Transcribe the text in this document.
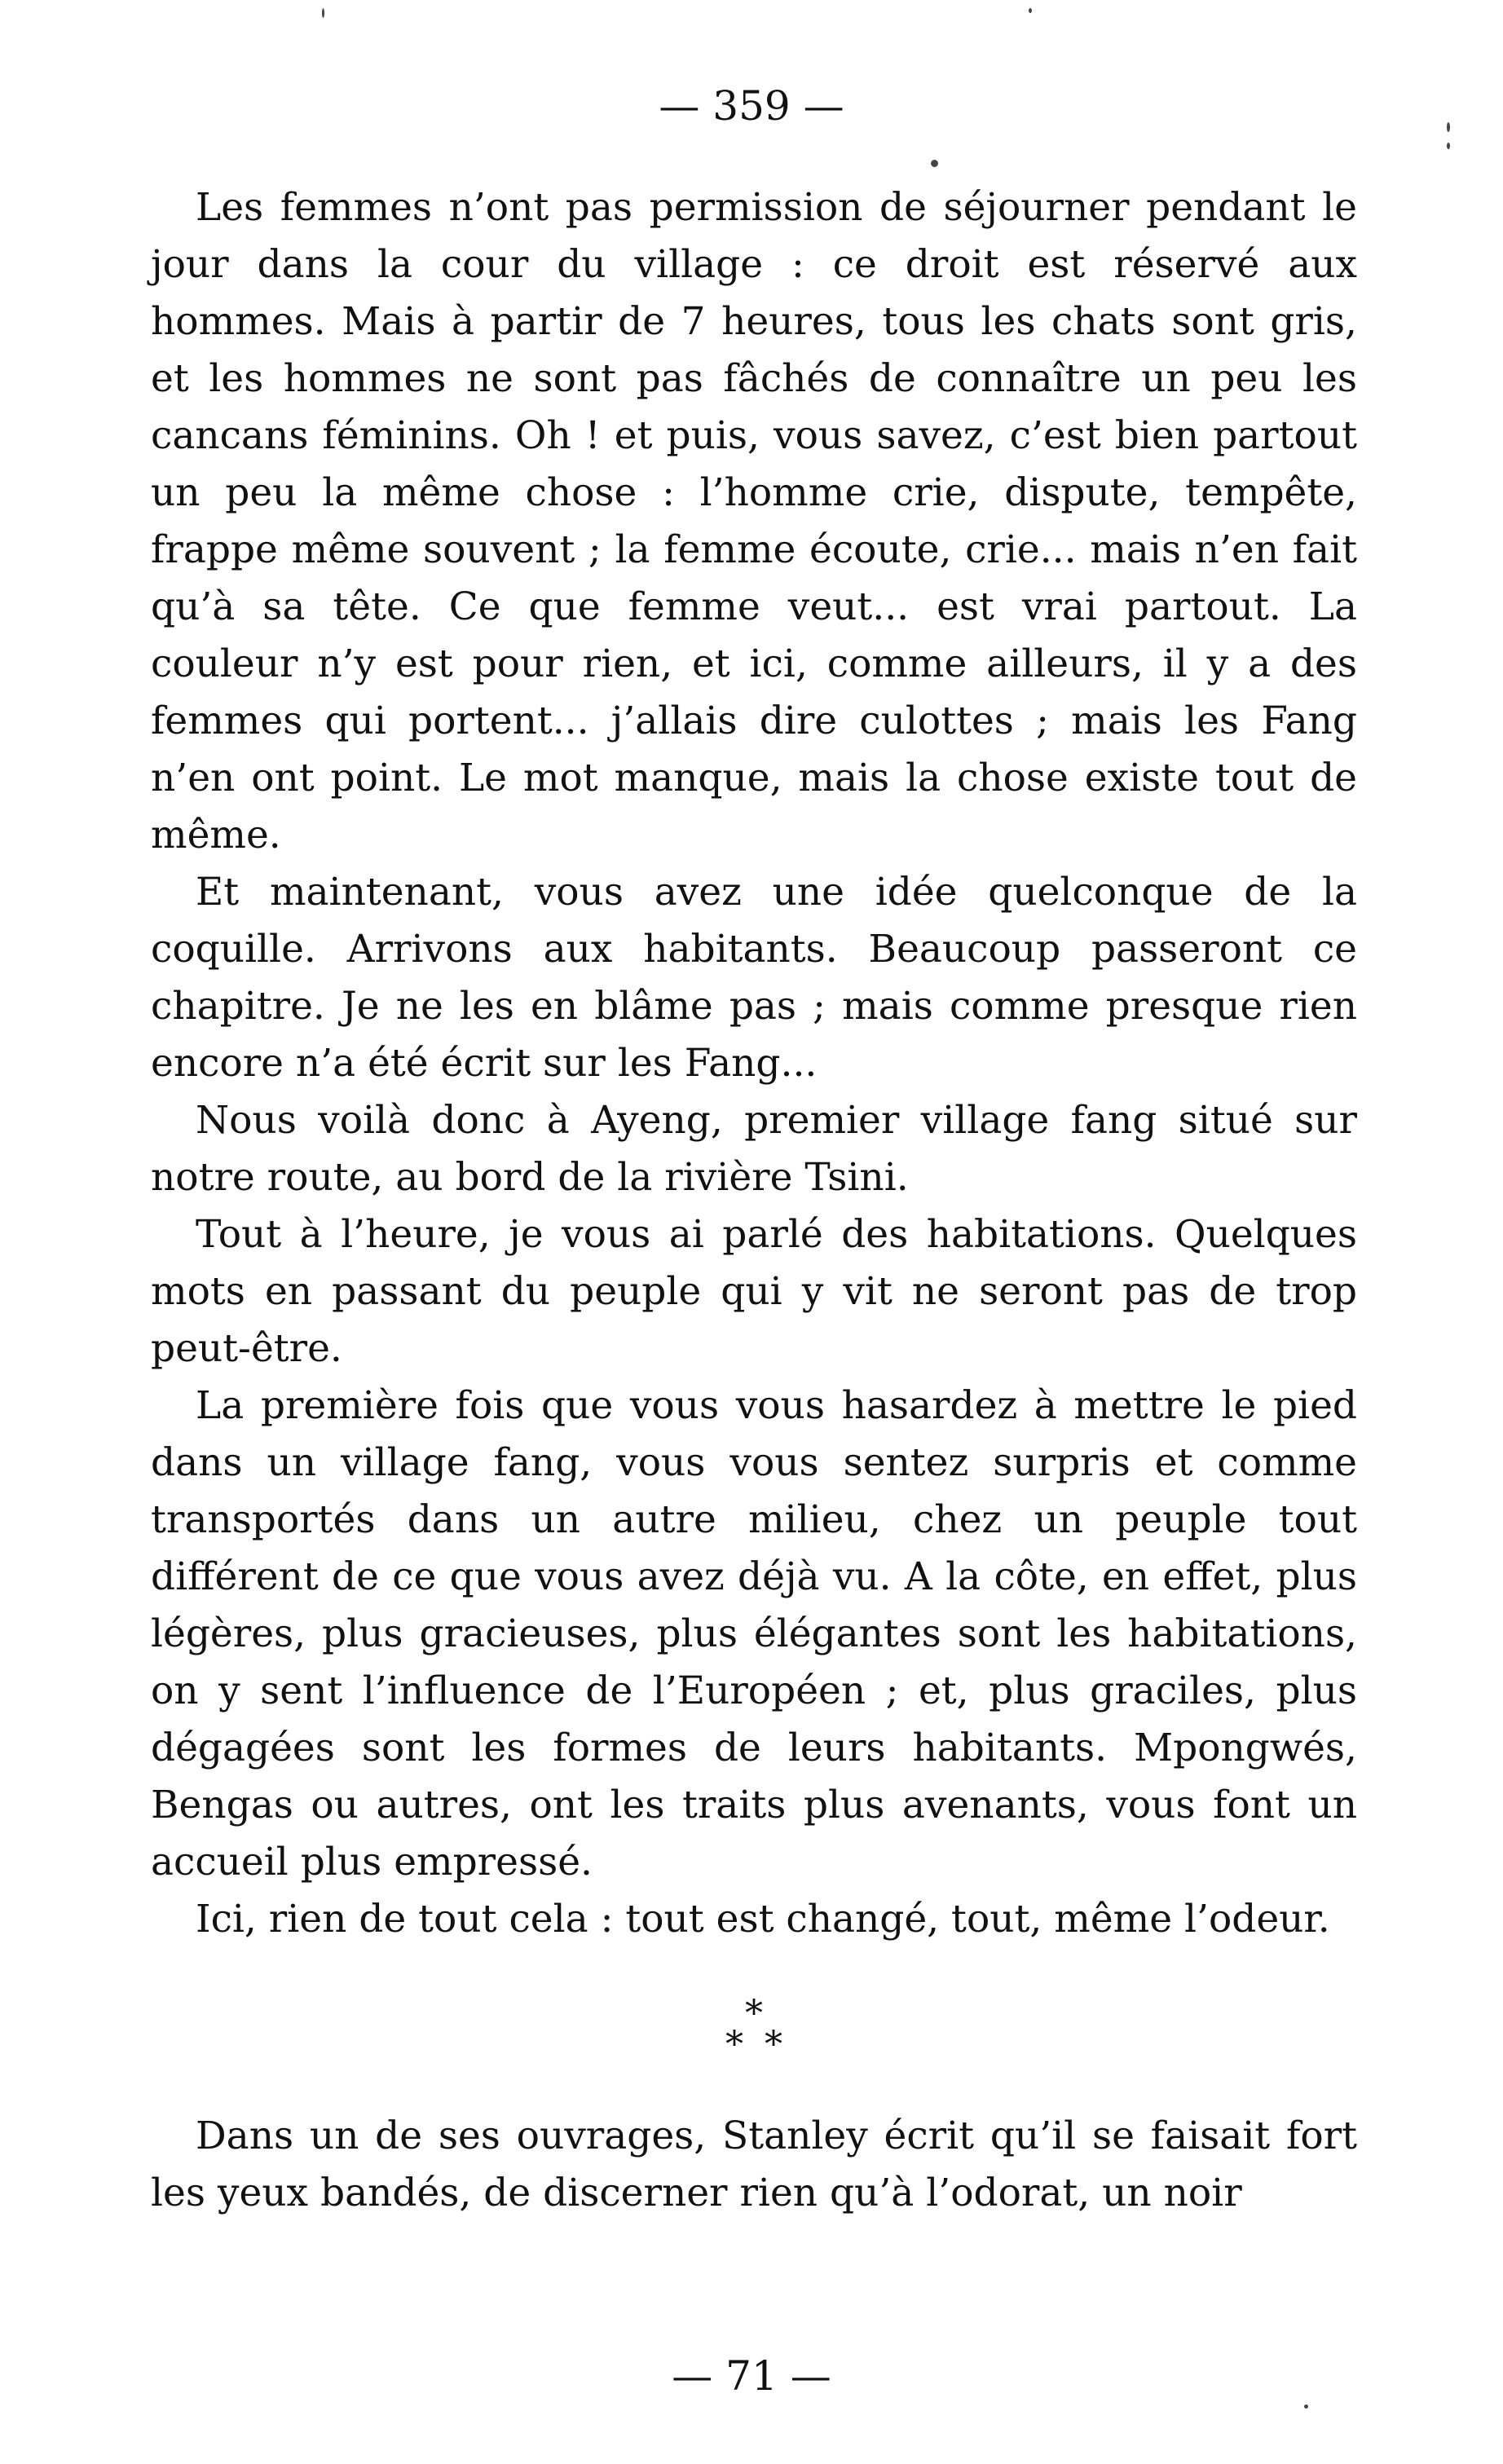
— 359 —

Les femmes n’ont pas permission de séjourner pendant le jour dans la cour du village : ce droit est réservé aux hommes. Mais à partir de 7 heures, tous les chats sont gris, et les hommes ne sont pas fâchés de connaître un peu les cancans féminins. Oh ! et puis, vous savez, c’est bien partout un peu la même chose : l’homme crie, dispute, tempête, frappe même souvent ; la femme écoute, crie... mais n’en fait qu’à sa tête. Ce que femme veut... est vrai partout. La couleur n’y est pour rien, et ici, comme ailleurs, il y a des femmes qui portent... j’allais dire culottes ; mais les Fang n’en ont point. Le mot manque, mais la chose existe tout de même.

Et maintenant, vous avez une idée quelconque de la coquille. Arrivons aux habitants. Beaucoup passeront ce chapitre. Je ne les en blâme pas ; mais comme presque rien encore n’a été écrit sur les Fang...

Nous voilà donc à Ayeng, premier village fang situé sur notre route, au bord de la rivière Tsini.

Tout à l’heure, je vous ai parlé des habitations. Quelques mots en passant du peuple qui y vit ne seront pas de trop peut-être.

La première fois que vous vous hasardez à mettre le pied dans un village fang, vous vous sentez surpris et comme transportés dans un autre milieu, chez un peuple tout différent de ce que vous avez déjà vu. A la côte, en effet, plus légères, plus gracieuses, plus élégantes sont les habitations, on y sent l’influence de l’Européen ; et, plus graciles, plus dégagées sont les formes de leurs habitants. Mpongwés, Bengas ou autres, ont les traits plus avenants, vous font un accueil plus empressé.

Ici, rien de tout cela : tout est changé, tout, même l’odeur.

*
**

Dans un de ses ouvrages, Stanley écrit qu’il se faisait fort les yeux bandés, de discerner rien qu’à l’odorat, un noir

— 71 —
